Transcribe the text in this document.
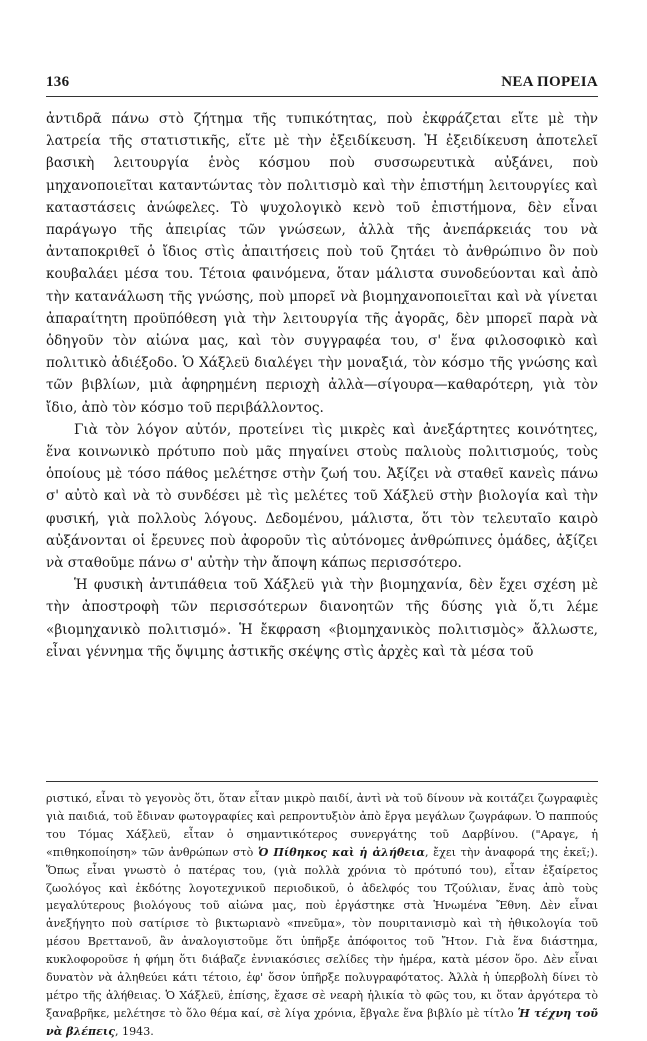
136	ΝΕΑ ΠΟΡΕΙΑ

ἀντιδρᾶ πάνω στὸ ζήτημα τῆς τυπικότητας, ποὺ ἐκφράζεται εἴτε μὲ τὴν λατρεία τῆς στατιστικῆς, εἴτε μὲ τὴν ἐξειδίκευση. Ἡ ἐξειδίκευση ἀποτελεῖ βασικὴ λειτουργία ἑνὸς κόσμου ποὺ συσσωρευτικὰ αὐξάνει, ποὺ μηχανοποιεῖται καταντώντας τὸν πολιτισμὸ καὶ τὴν ἐπιστήμη λειτουργίες καὶ καταστάσεις ἀνώφελες. Τὸ ψυχολογικὸ κενὸ τοῦ ἐπιστήμονα, δὲν εἶναι παράγωγο τῆς ἀπειρίας τῶν γνώσεων, ἀλλὰ τῆς ἀνεπάρκειάς του νὰ ἀνταποκριθεῖ ὁ ἴδιος στὶς ἀπαιτήσεις ποὺ τοῦ ζητάει τὸ ἀνθρώπινο ὂν ποὺ κουβαλάει μέσα του. Τέτοια φαινόμενα, ὅταν μάλιστα συνοδεύονται καὶ ἀπὸ τὴν κατανάλωση τῆς γνώσης, ποὺ μπορεῖ νὰ βιομηχανοποιεῖται καὶ νὰ γίνεται ἀπαραίτητη προϋπόθεση γιὰ τὴν λειτουργία τῆς ἀγορᾶς, δὲν μπορεῖ παρὰ νὰ ὁδηγοῦν τὸν αἰώνα μας, καὶ τὸν συγγραφέα του, σ' ἕνα φιλοσοφικὸ καὶ πολιτικὸ ἀδιέξοδο. Ὁ Χάξλεϋ διαλέγει τὴν μοναξιά, τὸν κόσμο τῆς γνώσης καὶ τῶν βιβλίων, μιὰ ἀφηρημένη περιοχὴ ἀλλὰ—σίγουρα—καθαρότερη, γιὰ τὸν ἴδιο, ἀπὸ τὸν κόσμο τοῦ περιβάλλοντος.

Γιὰ τὸν λόγον αὐτόν, προτείνει τὶς μικρὲς καὶ ἀνεξάρτητες κοινότητες, ἕνα κοινωνικὸ πρότυπο ποὺ μᾶς πηγαίνει στοὺς παλιοὺς πολιτισμούς, τοὺς ὁποίους μὲ τόσο πάθος μελέτησε στὴν ζωή του. Ἀξίζει νὰ σταθεῖ κανεὶς πάνω σ' αὐτὸ καὶ νὰ τὸ συνδέσει μὲ τὶς μελέτες τοῦ Χάξλεϋ στὴν βιολογία καὶ τὴν φυσική, γιὰ πολλοὺς λόγους. Δεδομένου, μάλιστα, ὅτι τὸν τελευταῖο καιρὸ αὐξάνονται οἱ ἔρευνες ποὺ ἀφοροῦν τὶς αὐτόνομες ἀνθρώπινες ὁμάδες, ἀξίζει νὰ σταθοῦμε πάνω σ' αὐτὴν τὴν ἄποψη κάπως περισσότερο.

Ἡ φυσικὴ ἀντιπάθεια τοῦ Χάξλεϋ γιὰ τὴν βιομηχανία, δὲν ἔχει σχέση μὲ τὴν ἀποστροφὴ τῶν περισσότερων διανοητῶν τῆς δύσης γιὰ ὅ,τι λέμε «βιομηχανικὸ πολιτισμό». Ἡ ἔκφραση «βιομηχανικὸς πολιτισμὸς» ἄλλωστε, εἶναι γέννημα τῆς ὄψιμης ἀστικῆς σκέψης στὶς ἀρχὲς καὶ τὰ μέσα τοῦ

ριστικό, εἶναι τὸ γεγονὸς ὅτι, ὅταν εἶταν μικρὸ παιδί, ἀντὶ νὰ τοῦ δίνουν νὰ κοιτάζει ζωγραφιὲς γιὰ παιδιά, τοῦ ἔδιναν φωτογραφίες καὶ ρεπροντυξιὸν ἀπὸ ἔργα μεγάλων ζωγράφων. Ὁ παππούς του Τόμας Χάξλεϋ, εἶταν ὁ σημαντικότερος συνεργάτης τοῦ Δαρβίνου. ("Αραγε, ἡ «πιθηκοποίηση» τῶν ἀνθρώπων στὸ Ὁ Πίθηκος καὶ ἡ ἀλήθεια, ἔχει τὴν ἀναφορά της ἐκεῖ;). Ὅπως εἶναι γνωστὸ ὁ πατέρας του, (γιὰ πολλὰ χρόνια τὸ πρότυπό του), εἶταν ἐξαίρετος ζωολόγος καὶ ἐκδότης λογοτεχνικοῦ περιοδικοῦ, ὁ ἀδελφός του Τζούλιαν, ἕνας ἀπὸ τοὺς μεγαλύτερους βιολόγους τοῦ αἰώνα μας, ποὺ ἐργάστηκε στὰ Ἡνωμένα Ἔθνη. Δὲν εἶναι ἀνεξήγητο ποὺ σατίρισε τὸ βικτωριανὸ «πνεῦμα», τὸν πουριτανισμὸ καὶ τὴ ἠθικολογία τοῦ μέσου Βρεττανοῦ, ἂν ἀναλογιστοῦμε ὅτι ὑπῆρξε ἀπόφοιτος τοῦ Ἤτον. Γιὰ ἕνα διάστημα, κυκλοφοροῦσε ἡ φήμη ὅτι διάβαζε ἐννιακόσιες σελίδες τὴν ἡμέρα, κατὰ μέσον ὅρο. Δὲν εἶναι δυνατὸν νὰ ἀληθεύει κάτι τέτοιο, ἐφ' ὅσον ὑπῆρξε πολυγραφότατος. Ἀλλὰ ἡ ὑπερβολὴ δίνει τὸ μέτρο τῆς ἀλήθειας. Ὁ Χάξλεϋ, ἐπίσης, ἔχασε σὲ νεαρὴ ἡλικία τὸ φῶς του, κι ὅταν ἀργότερα τὸ ξαναβρῆκε, μελέτησε τὸ ὅλο θέμα καί, σὲ λίγα χρόνια, ἔβγαλε ἕνα βιβλίο μὲ τίτλο Ἡ τέχνη τοῦ νὰ βλέπεις, 1943.
